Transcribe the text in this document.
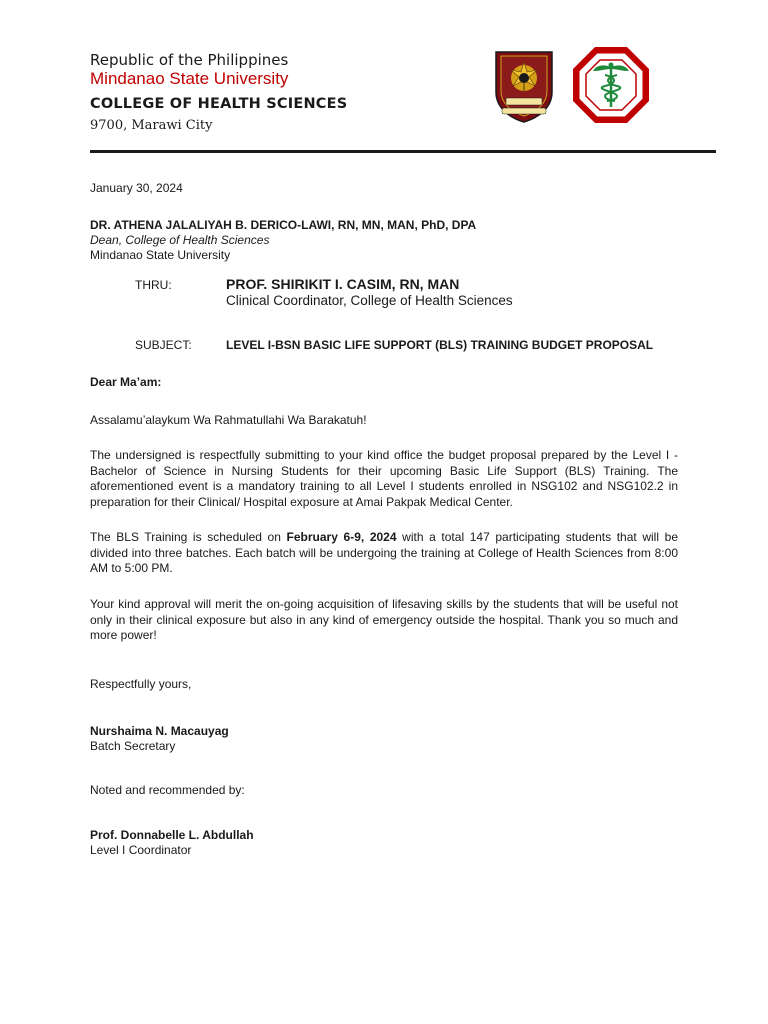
Republic of the Philippines
Mindanao State University
COLLEGE OF HEALTH SCIENCES
9700, Marawi City
January 30, 2024
DR. ATHENA JALALIYAH B. DERICO-LAWI, RN, MN, MAN, PhD, DPA
Dean, College of Health Sciences
Mindanao State University
THRU:	PROF. SHIRIKIT I. CASIM, RN, MAN
Clinical Coordinator, College of Health Sciences
SUBJECT:	LEVEL I-BSN BASIC LIFE SUPPORT (BLS) TRAINING BUDGET PROPOSAL
Dear Ma’am:
Assalamu’alaykum Wa Rahmatullahi Wa Barakatuh!
The undersigned is respectfully submitting to your kind office the budget proposal prepared by the Level I - Bachelor of Science in Nursing Students for their upcoming Basic Life Support (BLS) Training. The aforementioned event is a mandatory training to all Level I students enrolled in NSG102 and NSG102.2 in preparation for their Clinical/ Hospital exposure at Amai Pakpak Medical Center.
The BLS Training is scheduled on February 6-9, 2024 with a total 147 participating students that will be divided into three batches. Each batch will be undergoing the training at College of Health Sciences from 8:00 AM to 5:00 PM.
Your kind approval will merit the on-going acquisition of lifesaving skills by the students that will be useful not only in their clinical exposure but also in any kind of emergency outside the hospital. Thank you so much and more power!
Respectfully yours,
Nurshaima N. Macauyag
Batch Secretary
Noted and recommended by:
Prof. Donnabelle L. Abdullah
Level I Coordinator
